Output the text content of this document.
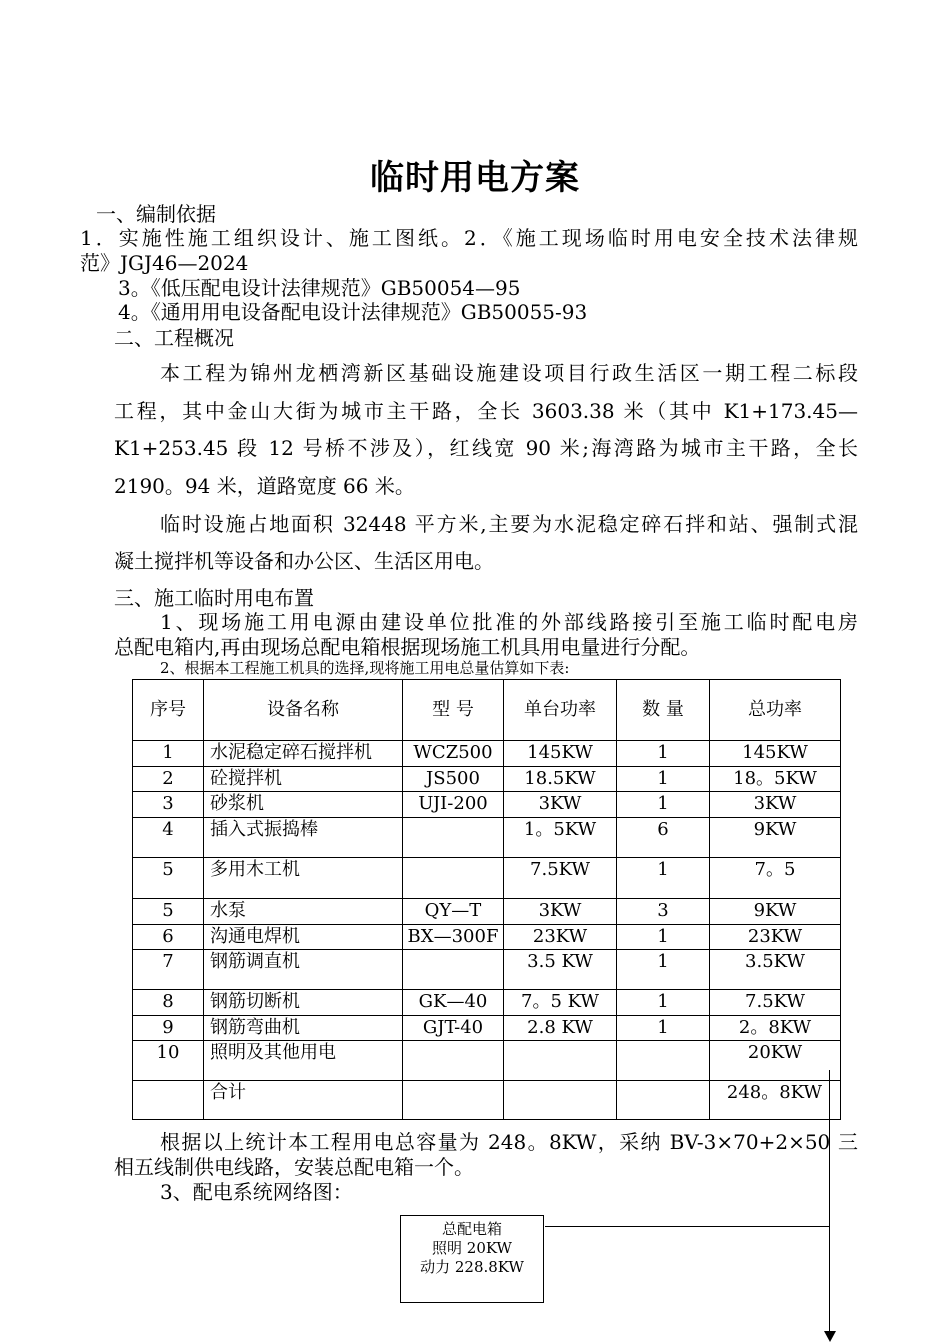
临时用电方案
一、编制依据
1．实施性施工组织设计、施工图纸。2．《施工现场临时用电安全技术法律规
范》JGJ46—2024
3。《低压配电设计法律规范》GB50054—95
4。《通用用电设备配电设计法律规范》GB50055-93
二、工程概况
本工程为锦州龙栖湾新区基础设施建设项目行政生活区一期工程二标段
工程，其中金山大街为城市主干路，全长 3603.38 米（其中 K1+173.45—
K1+253.45 段 12 号桥不涉及），红线宽 90 米;海湾路为城市主干路，全长
2190。94 米，道路宽度 66 米。
临时设施占地面积 32448 平方米,主要为水泥稳定碎石拌和站、强制式混
凝土搅拌机等设备和办公区、生活区用电。
三、施工临时用电布置
1、现场施工用电源由建设单位批准的外部线路接引至施工临时配电房
总配电箱内,再由现场总配电箱根据现场施工机具用电量进行分配。
2、根据本工程施工机具的选择,现将施工用电总量估算如下表:
序号	设备名称	型 号	单台功率	数 量	总功率
1	水泥稳定碎石搅拌机	WCZ500	145KW	1	145KW
2	砼搅拌机	JS500	18.5KW	1	18。5KW
3	砂浆机	UJI-200	3KW	1	3KW
4	插入式振捣棒		1。5KW	6	9KW
5	多用木工机		7.5KW	1	7。5
5	水泵	QY—T	3KW	3	9KW
6	沟通电焊机	BX—300F	23KW	1	23KW
7	钢筋调直机		3.5 KW	1	3.5KW
8	钢筋切断机	GK—40	7。5 KW	1	7.5KW
9	钢筋弯曲机	GJT-40	2.8 KW	1	2。8KW
10	照明及其他用电				20KW
	合计				248。8KW
根据以上统计本工程用电总容量为 248。8KW，采纳 BV-3×70+2×50 三
相五线制供电线路，安装总配电箱一个。
3、配电系统网络图：
总配电箱
照明 20KW
动力 228.8KW
